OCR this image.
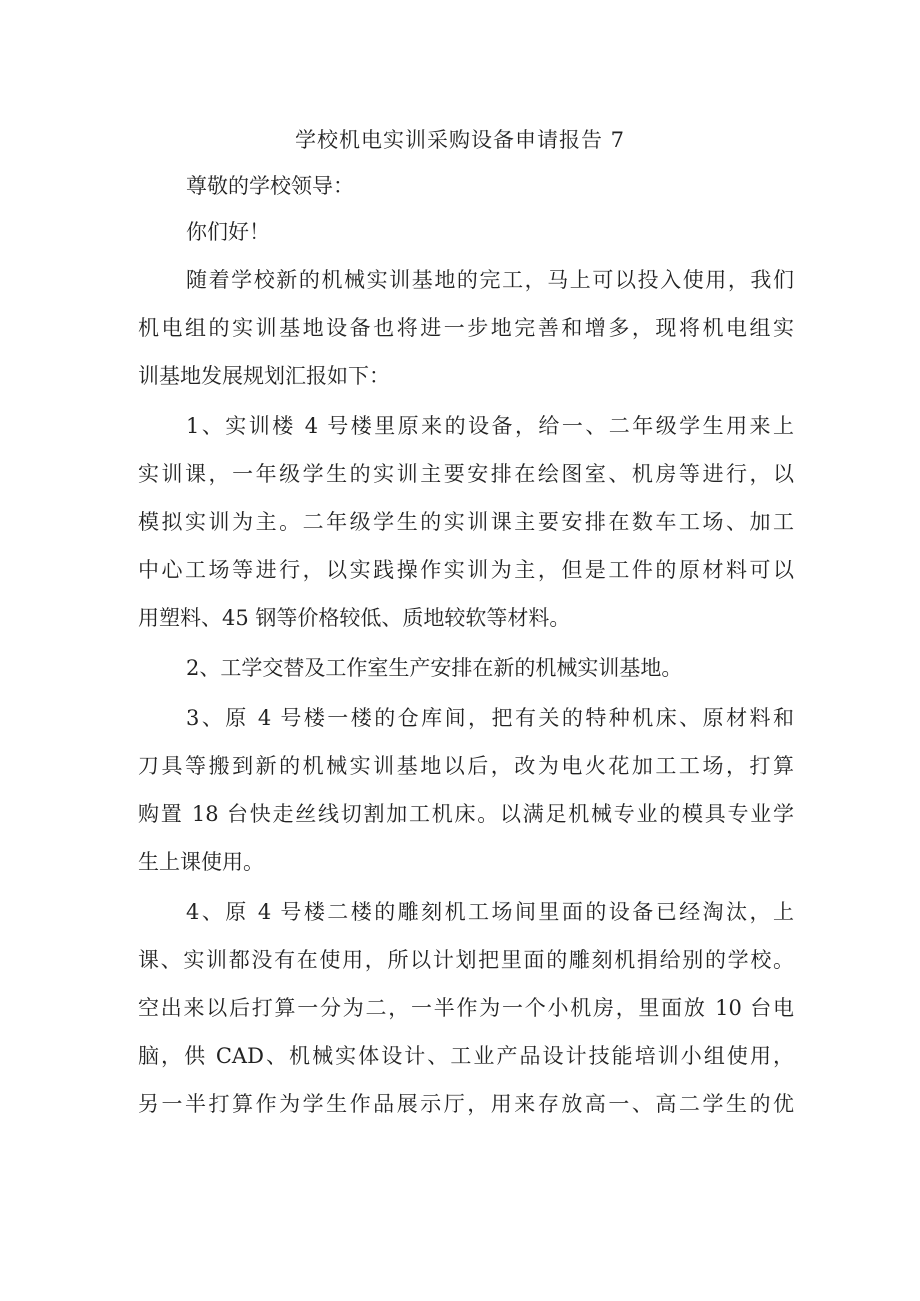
学校机电实训采购设备申请报告 7
尊敬的学校领导：
你们好！
随着学校新的机械实训基地的完工，马上可以投入使用，我们
机电组的实训基地设备也将进一步地完善和增多，现将机电组实
训基地发展规划汇报如下：
1、实训楼 4 号楼里原来的设备，给一、二年级学生用来上
实训课，一年级学生的实训主要安排在绘图室、机房等进行，以
模拟实训为主。二年级学生的实训课主要安排在数车工场、加工
中心工场等进行，以实践操作实训为主，但是工件的原材料可以
用塑料、45 钢等价格较低、质地较软等材料。
2、工学交替及工作室生产安排在新的机械实训基地。
3、原 4 号楼一楼的仓库间，把有关的特种机床、原材料和
刀具等搬到新的机械实训基地以后，改为电火花加工工场，打算
购置 18 台快走丝线切割加工机床。以满足机械专业的模具专业学
生上课使用。
4、原 4 号楼二楼的雕刻机工场间里面的设备已经淘汰，上
课、实训都没有在使用，所以计划把里面的雕刻机捐给别的学校。
空出来以后打算一分为二，一半作为一个小机房，里面放 10 台电
脑，供 CAD、机械实体设计、工业产品设计技能培训小组使用，
另一半打算作为学生作品展示厅，用来存放高一、高二学生的优
